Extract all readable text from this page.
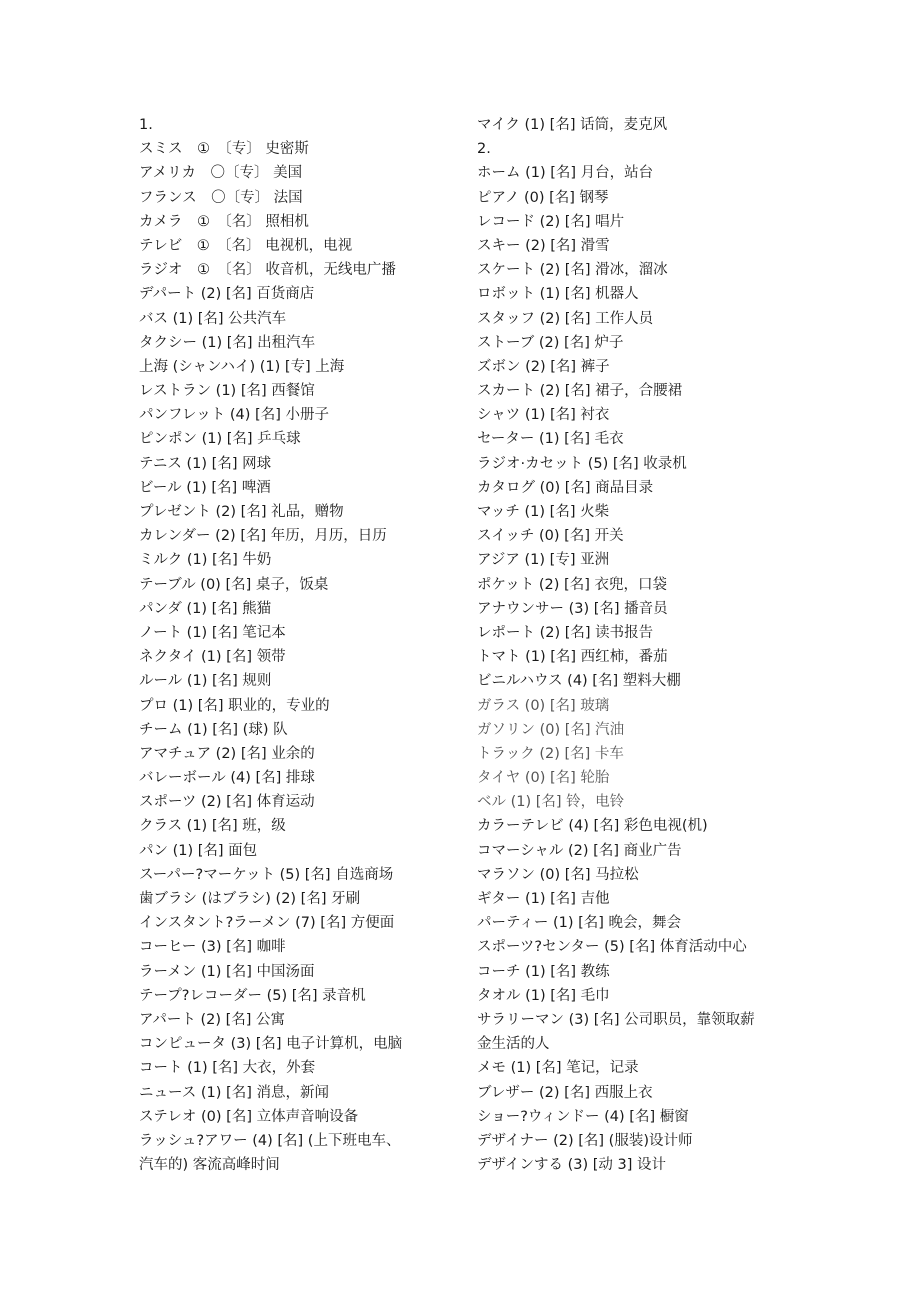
1.
スミス　①　〔专〕 史密斯
アメリカ　〇〔专〕 美国
フランス　〇〔专〕 法国
カメラ　①　〔名〕 照相机
テレビ　①　〔名〕 电视机，电视
ラジオ　①　〔名〕 收音机，无线电广播
デパート (2) [名] 百货商店
バス (1) [名] 公共汽车
タクシー (1) [名] 出租汽车
上海 (シャンハイ) (1) [专] 上海
レストラン (1) [名] 西餐馆
パンフレット (4) [名] 小册子
ピンポン (1) [名] 乒乓球
テニス (1) [名] 网球
ビール (1) [名] 啤酒
プレゼント (2) [名] 礼品，赠物
カレンダー (2) [名] 年历，月历，日历
ミルク (1) [名] 牛奶
テーブル (0) [名] 桌子，饭桌
パンダ (1) [名] 熊猫
ノート (1) [名] 笔记本
ネクタイ (1) [名] 领带
ルール (1) [名] 规则
プロ (1) [名] 职业的，专业的
チーム (1) [名] (球) 队
アマチュア (2) [名] 业余的
バレーボール (4) [名] 排球
スポーツ (2) [名] 体育运动
クラス (1) [名] 班，级
パン (1) [名] 面包
スーパー?マーケット (5) [名] 自选商场
歯ブラシ (はブラシ) (2) [名] 牙刷
インスタント?ラーメン (7) [名] 方便面
コーヒー (3) [名] 咖啡
ラーメン (1) [名] 中国汤面
テープ?レコーダー (5) [名] 录音机
アパート (2) [名] 公寓
コンピュータ (3) [名] 电子计算机，电脑
コート (1) [名] 大衣，外套
ニュース (1) [名] 消息，新闻
ステレオ (0) [名] 立体声音响设备
ラッシュ?アワー (4) [名] (上下班电车、
汽车的) 客流高峰时间
マイク (1) [名] 话筒，麦克风
2.
ホーム (1) [名] 月台，站台
ピアノ (0) [名] 钢琴
レコード (2) [名] 唱片
スキー (2) [名] 滑雪
スケート (2) [名] 滑冰，溜冰
ロボット (1) [名] 机器人
スタッフ (2) [名] 工作人员
ストーブ (2) [名] 炉子
ズボン (2) [名] 裤子
スカート (2) [名] 裙子，合腰裙
シャツ (1) [名] 衬衣
セーター (1) [名] 毛衣
ラジオ·カセット (5) [名] 收录机
カタログ (0) [名] 商品目录
マッチ (1) [名] 火柴
スイッチ (0) [名] 开关
アジア (1) [专] 亚洲
ポケット (2) [名] 衣兜，口袋
アナウンサー (3) [名] 播音员
レポート (2) [名] 读书报告
トマト (1) [名] 西红柿，番茄
ビニルハウス (4) [名] 塑料大棚
ガラス (0) [名] 玻璃
ガソリン (0) [名] 汽油
トラック (2) [名] 卡车
タイヤ (0) [名] 轮胎
ベル (1) [名] 铃，电铃
カラーテレビ (4) [名] 彩色电视(机)
コマーシャル (2) [名] 商业广告
マラソン (0) [名] 马拉松
ギター (1) [名] 吉他
パーティー (1) [名] 晚会，舞会
スポーツ?センター (5) [名] 体育活动中心
コーチ (1) [名] 教练
タオル (1) [名] 毛巾
サラリーマン (3) [名] 公司职员，靠领取薪
金生活的人
メモ (1) [名] 笔记，记录
ブレザー (2) [名] 西服上衣
ショー?ウィンドー (4) [名] 橱窗
デザイナー (2) [名] (服装)设计师
デザインする (3) [动 3] 设计
